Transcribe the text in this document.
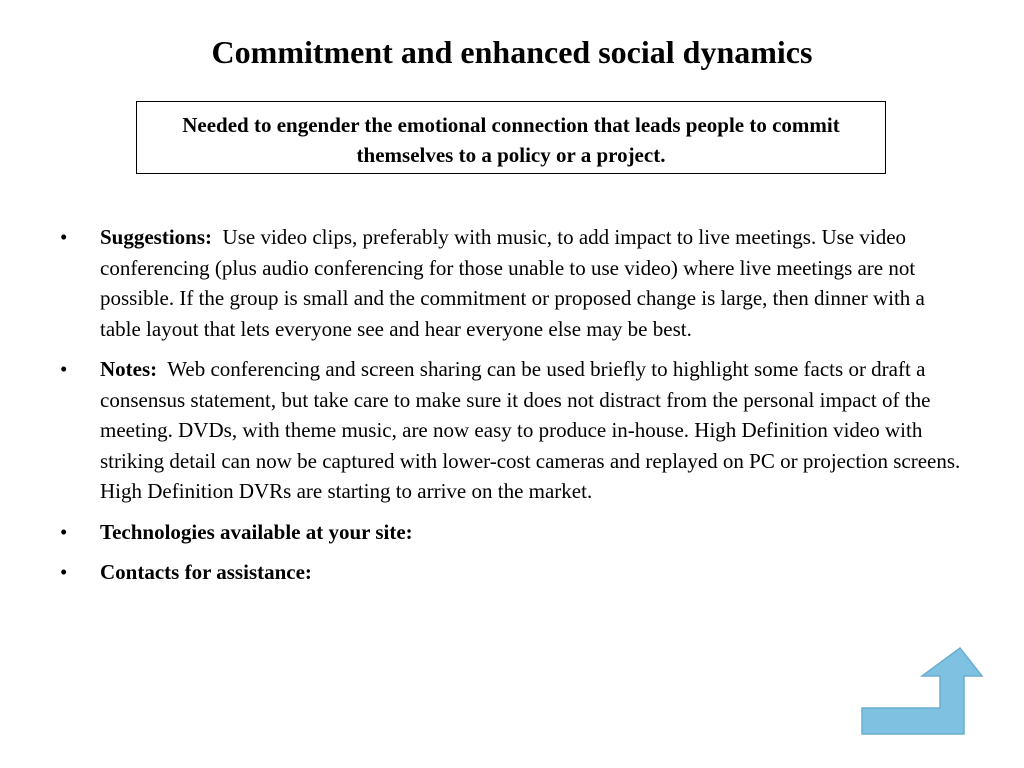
Commitment and enhanced social dynamics
Needed to engender the emotional connection that leads people to commit themselves to a policy or a project.
•	Suggestions: Use video clips, preferably with music, to add impact to live meetings. Use video conferencing (plus audio conferencing for those unable to use video) where live meetings are not possible. If the group is small and the commitment or proposed change is large, then dinner with a table layout that lets everyone see and hear everyone else may be best.
•	Notes: Web conferencing and screen sharing can be used briefly to highlight some facts or draft a consensus statement, but take care to make sure it does not distract from the personal impact of the meeting. DVDs, with theme music, are now easy to produce in-house. High Definition video with striking detail can now be captured with lower-cost cameras and replayed on PC or projection screens. High Definition DVRs are starting to arrive on the market.
•	Technologies available at your site:
•	Contacts for assistance:
